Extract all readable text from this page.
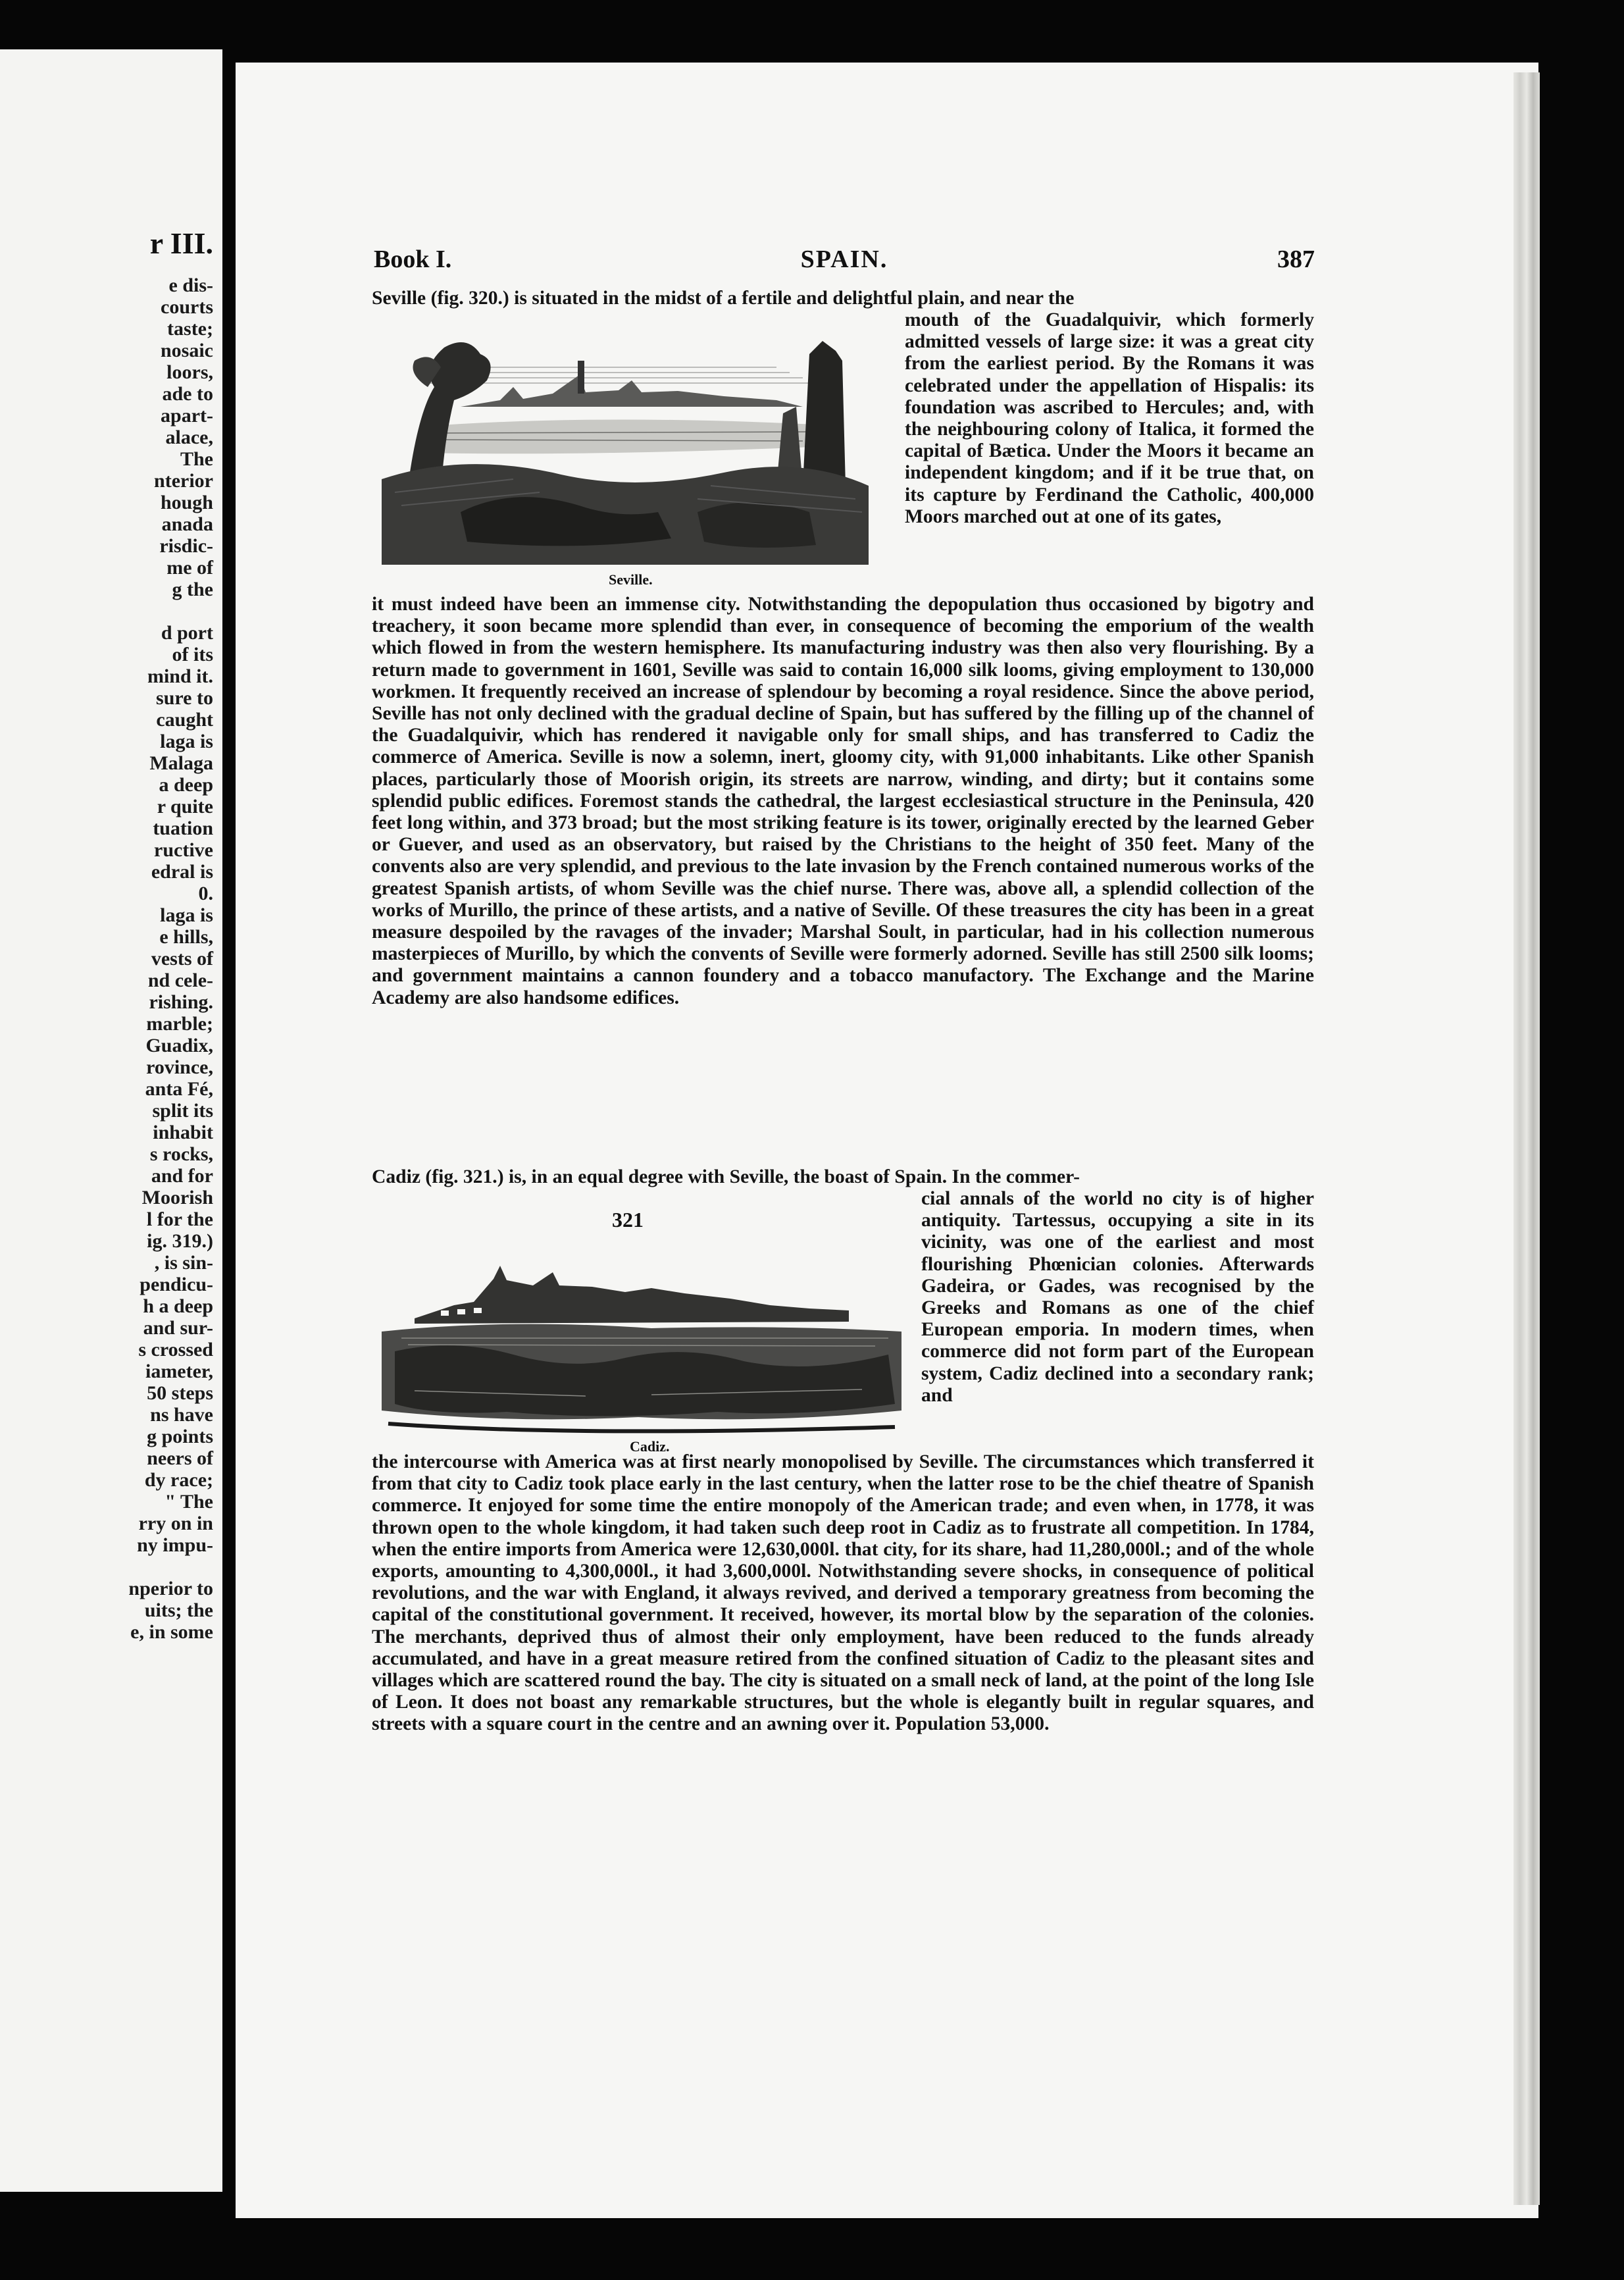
r III.
e dis-
courts
taste;
nosaic
loors,
ade to
apart-
alace,
The
nterior
hough
anada
risdic-
me of
g the

d port
of its
mind it.
sure to
caught
laga is
Malaga
a deep
r quite
tuation
ructive
edral is
0.
laga is
e hills,
vests of
nd cele-
rishing.
marble;
Guadix,
rovince,
anta Fé,
split its
inhabit
s rocks,
and for
Moorish
l for the
ig. 319.)
, is sin-
pendicu-
h a deep
and sur-
s crossed
iameter,
50 steps
ns have
g points
neers of
dy race;
" The
rry on in
ny impu-

nperior to
uits; the
e, in some
Book I.	SPAIN.	387
Seville (fig. 320.) is situated in the midst of a fertile and delightful plain, and near the
Seville.
mouth of the Guadalquivir, which formerly admitted vessels of large size: it was a great city from the earliest period. By the Romans it was celebrated under the appellation of Hispalis: its foundation was ascribed to Hercules; and, with the neighbouring colony of Italica, it formed the capital of Bætica. Under the Moors it became an independent kingdom; and if it be true that, on its capture by Ferdinand the Catholic, 400,000 Moors marched out at one of its gates,
it must indeed have been an immense city. Notwithstanding the depopulation thus occasioned by bigotry and treachery, it soon became more splendid than ever, in consequence of becoming the emporium of the wealth which flowed in from the western hemisphere. Its manufacturing industry was then also very flourishing. By a return made to government in 1601, Seville was said to contain 16,000 silk looms, giving employment to 130,000 workmen. It frequently received an increase of splendour by becoming a royal residence. Since the above period, Seville has not only declined with the gradual decline of Spain, but has suffered by the filling up of the channel of the Guadalquivir, which has rendered it navigable only for small ships, and has transferred to Cadiz the commerce of America. Seville is now a solemn, inert, gloomy city, with 91,000 inhabitants. Like other Spanish places, particularly those of Moorish origin, its streets are narrow, winding, and dirty; but it contains some splendid public edifices. Foremost stands the cathedral, the largest ecclesiastical structure in the Peninsula, 420 feet long within, and 373 broad; but the most striking feature is its tower, originally erected by the learned Geber or Guever, and used as an observatory, but raised by the Christians to the height of 350 feet. Many of the convents also are very splendid, and previous to the late invasion by the French contained numerous works of the greatest Spanish artists, of whom Seville was the chief nurse. There was, above all, a splendid collection of the works of Murillo, the prince of these artists, and a native of Seville. Of these treasures the city has been in a great measure despoiled by the ravages of the invader; Marshal Soult, in particular, had in his collection numerous masterpieces of Murillo, by which the convents of Seville were formerly adorned. Seville has still 2500 silk looms; and government maintains a cannon foundery and a tobacco manufactory. The Exchange and the Marine Academy are also handsome edifices.
Cadiz (fig. 321.) is, in an equal degree with Seville, the boast of Spain. In the commer-
321
Cadiz.
cial annals of the world no city is of higher antiquity. Tartessus, occupying a site in its vicinity, was one of the earliest and most flourishing Phœnician colonies. Afterwards Gadeira, or Gades, was recognised by the Greeks and Romans as one of the chief European emporia. In modern times, when commerce did not form part of the European system, Cadiz declined into a secondary rank; and
the intercourse with America was at first nearly monopolised by Seville. The circumstances which transferred it from that city to Cadiz took place early in the last century, when the latter rose to be the chief theatre of Spanish commerce. It enjoyed for some time the entire monopoly of the American trade; and even when, in 1778, it was thrown open to the whole kingdom, it had taken such deep root in Cadiz as to frustrate all competition. In 1784, when the entire imports from America were 12,630,000l. that city, for its share, had 11,280,000l.; and of the whole exports, amounting to 4,300,000l., it had 3,600,000l. Notwithstanding severe shocks, in consequence of political revolutions, and the war with England, it always revived, and derived a temporary greatness from becoming the capital of the constitutional government. It received, however, its mortal blow by the separation of the colonies. The merchants, deprived thus of almost their only employment, have been reduced to the funds already accumulated, and have in a great measure retired from the confined situation of Cadiz to the pleasant sites and villages which are scattered round the bay. The city is situated on a small neck of land, at the point of the long Isle of Leon. It does not boast any remarkable structures, but the whole is elegantly built in regular squares, and streets with a square court in the centre and an awning over it. Population 53,000.
